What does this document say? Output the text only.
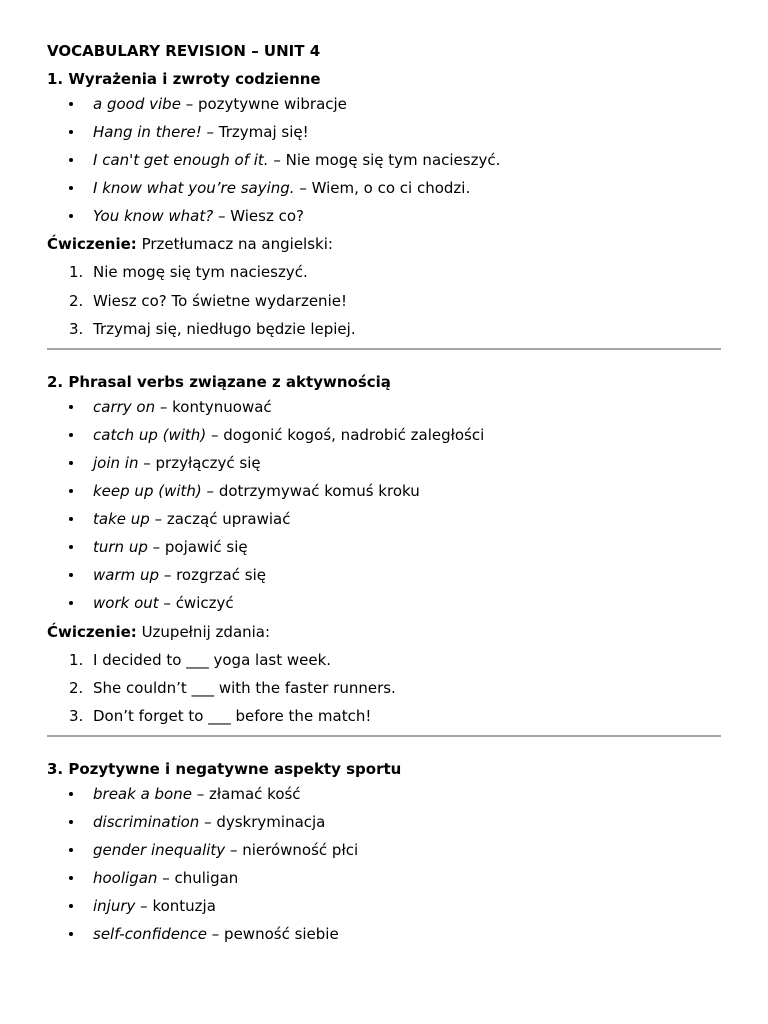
VOCABULARY REVISION – UNIT 4
1. Wyrażenia i zwroty codzienne
a good vibe – pozytywne wibracje
Hang in there! – Trzymaj się!
I can't get enough of it. – Nie mogę się tym nacieszyć.
I know what you’re saying. – Wiem, o co ci chodzi.
You know what? – Wiesz co?
Ćwiczenie: Przetłumacz na angielski:
1. Nie mogę się tym nacieszyć.
2. Wiesz co? To świetne wydarzenie!
3. Trzymaj się, niedługo będzie lepiej.
2. Phrasal verbs związane z aktywnością
carry on – kontynuować
catch up (with) – dogonić kogoś, nadrobić zaległości
join in – przyłączyć się
keep up (with) – dotrzymywać komuś kroku
take up – zacząć uprawiać
turn up – pojawić się
warm up – rozgrzać się
work out – ćwiczyć
Ćwiczenie: Uzupełnij zdania:
1. I decided to ___ yoga last week.
2. She couldn’t ___ with the faster runners.
3. Don’t forget to ___ before the match!
3. Pozytywne i negatywne aspekty sportu
break a bone – złamać kość
discrimination – dyskryminacja
gender inequality – nierówność płci
hooligan – chuligan
injury – kontuzja
self-confidence – pewność siebie
